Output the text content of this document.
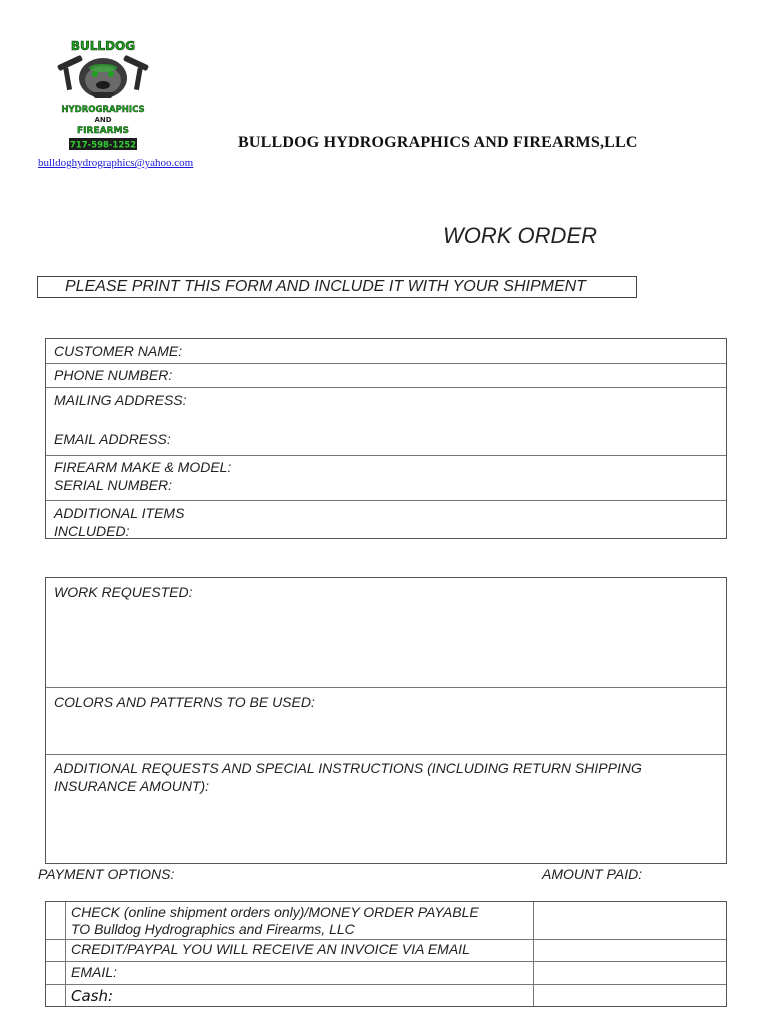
BULLDOG
HYDROGRAPHICS
AND
FIREARMS
717-598-1252	BULLDOG HYDROGRAPHICS AND FIREARMS,LLC
bulldoghydrographics@yahoo.com
WORK ORDER
PLEASE PRINT THIS FORM AND INCLUDE IT WITH YOUR SHIPMENT
CUSTOMER NAME:
PHONE NUMBER:
MAILING ADDRESS:
EMAIL ADDRESS:
FIREARM MAKE & MODEL:
SERIAL NUMBER:
ADDITIONAL ITEMS
INCLUDED:
WORK REQUESTED:
COLORS AND PATTERNS TO BE USED:
ADDITIONAL REQUESTS AND SPECIAL INSTRUCTIONS (INCLUDING RETURN SHIPPING
INSURANCE AMOUNT):
PAYMENT OPTIONS:	AMOUNT PAID:
CHECK (online shipment orders only)/MONEY ORDER PAYABLE
TO Bulldog Hydrographics and Firearms, LLC
CREDIT/PAYPAL YOU WILL RECEIVE AN INVOICE VIA EMAIL
EMAIL:
Cash:
